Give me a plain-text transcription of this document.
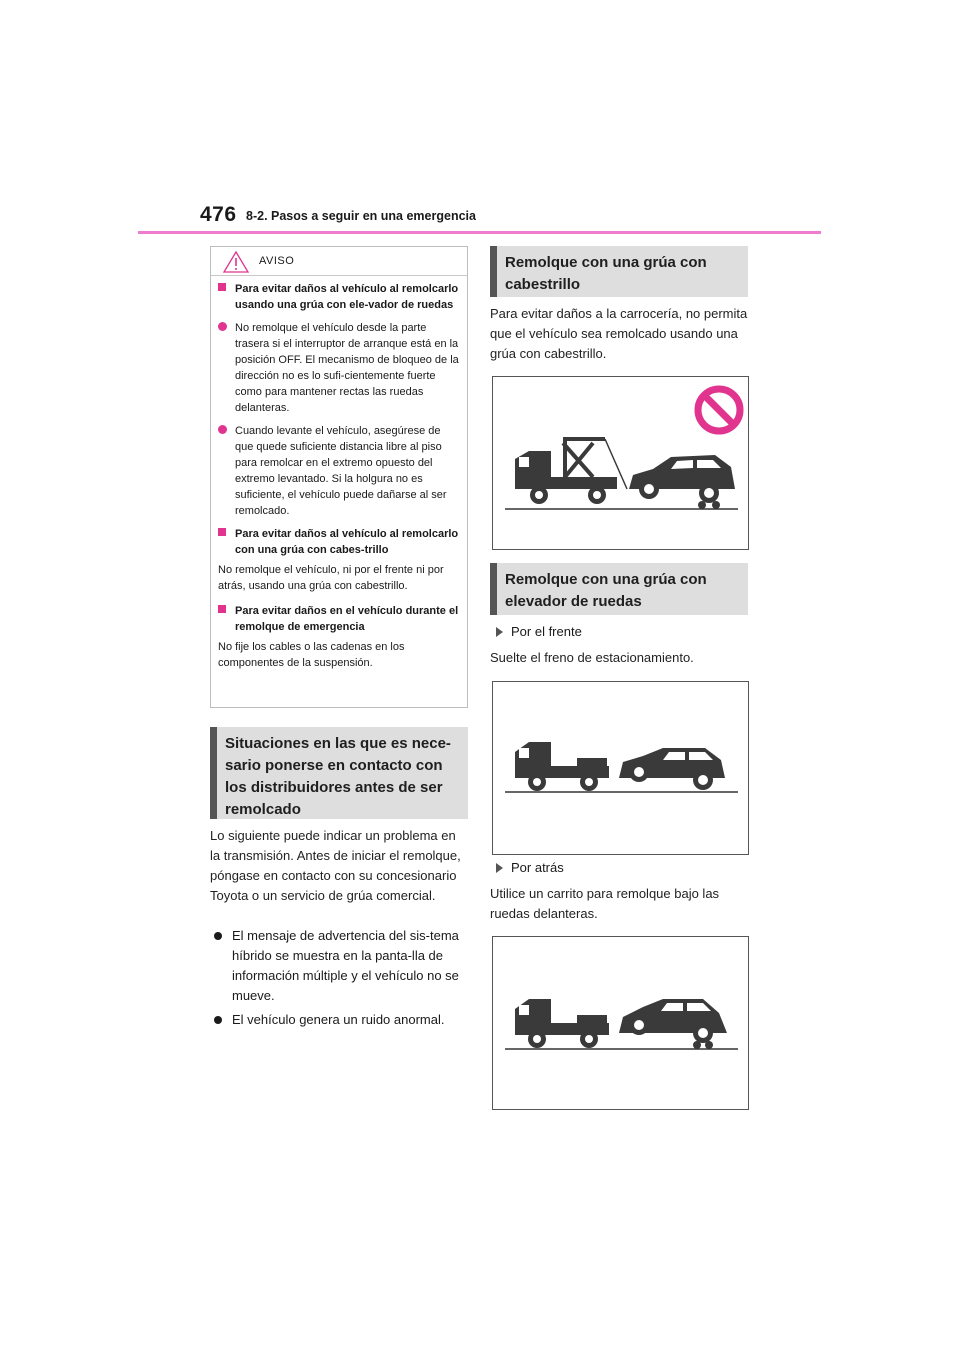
476 8-2. Pasos a seguir en una emergencia
AVISO
Para evitar daños al vehículo al remolcarlo usando una grúa con ele-vador de ruedas
No remolque el vehículo desde la parte trasera si el interruptor de arranque está en la posición OFF. El mecanismo de bloqueo de la dirección no es lo sufi-cientemente fuerte como para mantener rectas las ruedas delanteras.
Cuando levante el vehículo, asegúrese de que quede suficiente distancia libre al piso para remolcar en el extremo opuesto del extremo levantado. Si la holgura no es suficiente, el vehículo puede dañarse al ser remolcado.
Para evitar daños al vehículo al remolcarlo con una grúa con cabes-trillo
No remolque el vehículo, ni por el frente ni por atrás, usando una grúa con cabestrillo.
Para evitar daños en el vehículo durante el remolque de emergencia
No fije los cables o las cadenas en los componentes de la suspensión.
Situaciones en las que es nece-
sario ponerse en contacto con
los distribuidores antes de ser
remolcado
Lo siguiente puede indicar un problema en la transmisión. Antes de iniciar el remolque, póngase en contacto con su concesionario Toyota o un servicio de grúa comercial.
El mensaje de advertencia del sis-tema híbrido se muestra en la panta-lla de información múltiple y el vehículo no se mueve.
El vehículo genera un ruido anormal.
Remolque con una grúa con
cabestrillo
Para evitar daños a la carrocería, no permita que el vehículo sea remolcado usando una grúa con cabestrillo.
Remolque con una grúa con
elevador de ruedas
Por el frente
Suelte el freno de estacionamiento.
Por atrás
Utilice un carrito para remolque bajo las ruedas delanteras.
